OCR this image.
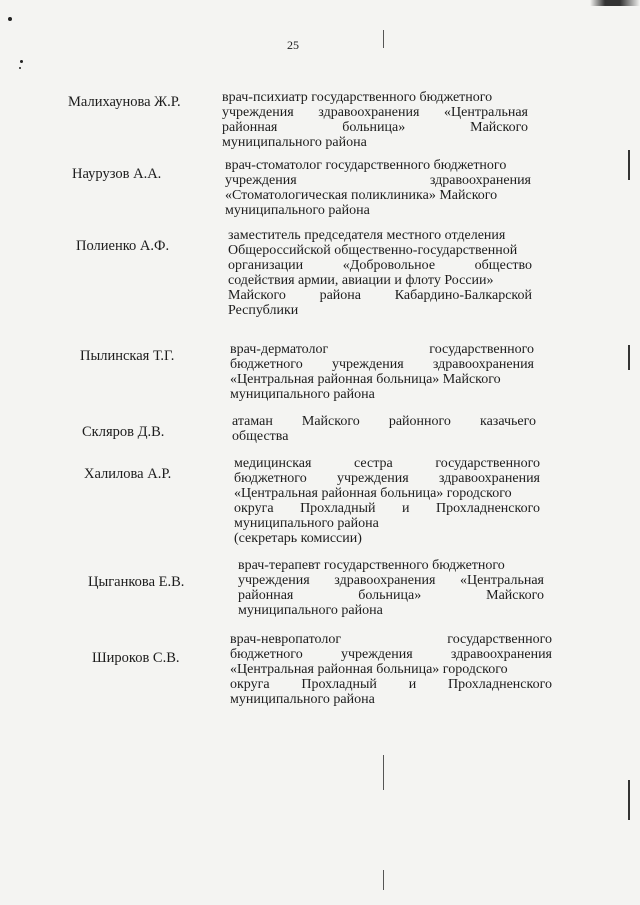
25
Малихаунова Ж.Р.	врач-психиатр государственного бюджетного
учреждения здравоохранения «Центральная
районная больница» Майского
муниципального района
Наурузов А.А.
врач-стоматолог государственного бюджетного
учреждения здравоохранения
«Стоматологическая поликлиника» Майского
муниципального района
Полиенко А.Ф.
заместитель председателя местного отделения
Общероссийской общественно-государственной
организации «Добровольное общество
содействия армии, авиации и флоту России»
Майского района Кабардино-Балкарской
Республики
Пылинская Т.Г.	врач-дерматолог государственного
бюджетного учреждения здравоохранения
«Центральная районная больница» Майского
муниципального района
Скляров Д.В.
атаман Майского районного казачьего
общества
Халилова А.Р.
медицинская сестра государственного
бюджетного учреждения здравоохранения
«Центральная районная больница» городского
округа Прохладный и Прохладненского
муниципального района
(секретарь комиссии)
Цыганкова Е.В.
врач-терапевт государственного бюджетного
учреждения здравоохранения «Центральная
районная больница» Майского
муниципального района
Широков С.В.
врач-невропатолог государственного
бюджетного учреждения здравоохранения
«Центральная районная больница» городского
округа Прохладный и Прохладненского
муниципального района
